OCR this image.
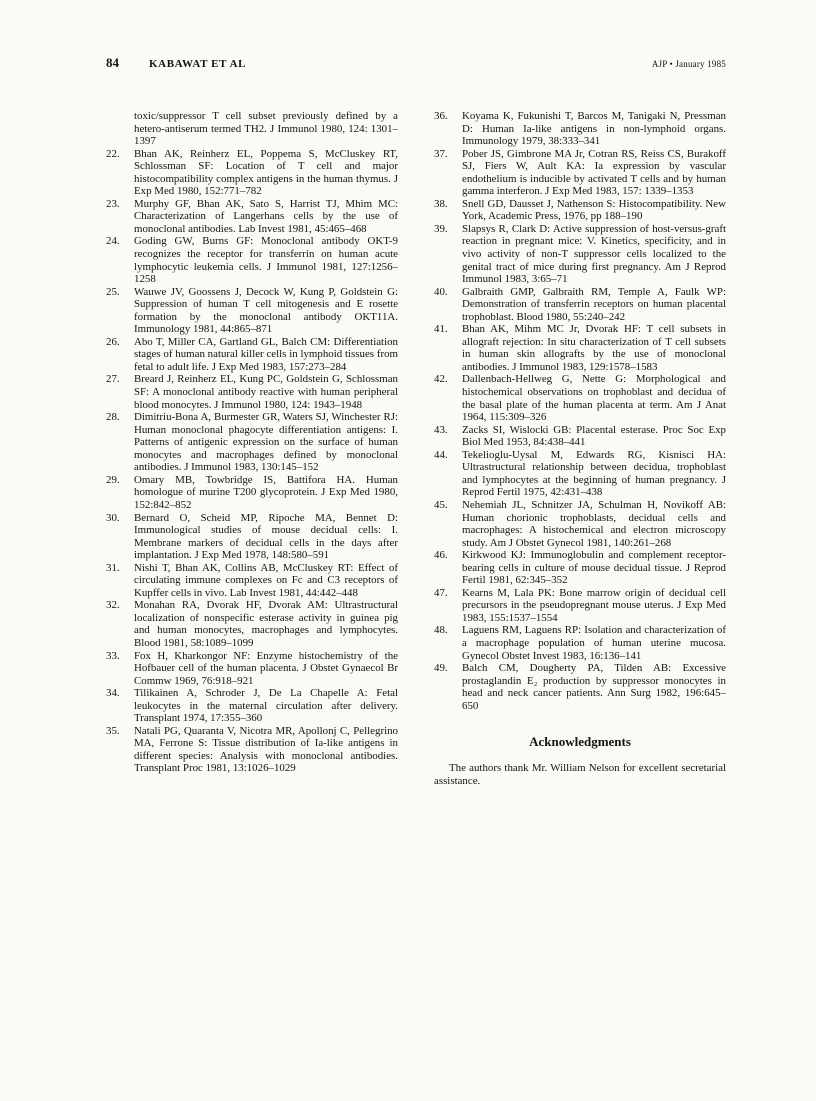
84	KABAWAT ET AL	AJP • January 1985

toxic/suppressor T cell subset previously defined by a hetero-antiserum termed TH2. J Immunol 1980, 124: 1301–1397

22. Bhan AK, Reinherz EL, Poppema S, McCluskey RT, Schlossman SF: Location of T cell and major histocompatibility complex antigens in the human thymus. J Exp Med 1980, 152:771–782
23. Murphy GF, Bhan AK, Sato S, Harrist TJ, Mhim MC: Characterization of Langerhans cells by the use of monoclonal antibodies. Lab Invest 1981, 45:465–468
24. Goding GW, Burns GF: Monoclonal antibody OKT-9 recognizes the receptor for transferrin on human acute lymphocytic leukemia cells. J Immunol 1981, 127:1256–1258
25. Wauwe JV, Goossens J, Decock W, Kung P, Goldstein G: Suppression of human T cell mitogenesis and E rosette formation by the monoclonal antibody OKT11A. Immunology 1981, 44:865–871
26. Abo T, Miller CA, Gartland GL, Balch CM: Differentiation stages of human natural killer cells in lymphoid tissues from fetal to adult life. J Exp Med 1983, 157:273–284
27. Breard J, Reinherz EL, Kung PC, Goldstein G, Schlossman SF: A monoclonal antibody reactive with human peripheral blood monocytes. J Immunol 1980, 124: 1943–1948
28. Dimitriu-Bona A, Burmester GR, Waters SJ, Winchester RJ: Human monoclonal phagocyte differentiation antigens: I. Patterns of antigenic expression on the surface of human monocytes and macrophages defined by monoclonal antibodies. J Immunol 1983, 130:145–152
29. Omary MB, Towbridge IS, Battifora HA. Human homologue of murine T200 glycoprotein. J Exp Med 1980, 152:842–852
30. Bernard O, Scheid MP, Ripoche MA, Bennet D: Immunological studies of mouse decidual cells: I. Membrane markers of decidual cells in the days after implantation. J Exp Med 1978, 148:580–591
31. Nishi T, Bhan AK, Collins AB, McCluskey RT: Effect of circulating immune complexes on Fc and C3 receptors of Kupffer cells in vivo. Lab Invest 1981, 44:442–448
32. Monahan RA, Dvorak HF, Dvorak AM: Ultrastructural localization of nonspecific esterase activity in guinea pig and human monocytes, macrophages and lymphocytes. Blood 1981, 58:1089–1099
33. Fox H, Kharkongor NF: Enzyme histochemistry of the Hofbauer cell of the human placenta. J Obstet Gynaecol Br Commw 1969, 76:918–921
34. Tilikainen A, Schroder J, De La Chapelle A: Fetal leukocytes in the maternal circulation after delivery. Transplant 1974, 17:355–360
35. Natali PG, Quaranta V, Nicotra MR, Apollonj C, Pellegrino MA, Ferrone S: Tissue distribution of Ia-like antigens in different species: Analysis with monoclonal antibodies. Transplant Proc 1981, 13:1026–1029
36. Koyama K, Fukunishi T, Barcos M, Tanigaki N, Pressman D: Human Ia-like antigens in non-lymphoid organs. Immunology 1979, 38:333–341
37. Pober JS, Gimbrone MA Jr, Cotran RS, Reiss CS, Burakoff SJ, Fiers W, Ault KA: Ia expression by vascular endothelium is inducible by activated T cells and by human gamma interferon. J Exp Med 1983, 157: 1339–1353
38. Snell GD, Dausset J, Nathenson S: Histocompatibility. New York, Academic Press, 1976, pp 188–190
39. Slapsys R, Clark D: Active suppression of host-versus-graft reaction in pregnant mice: V. Kinetics, specificity, and in vivo activity of non-T suppressor cells localized to the genital tract of mice during first pregnancy. Am J Reprod Immunol 1983, 3:65–71
40. Galbraith GMP, Galbraith RM, Temple A, Faulk WP: Demonstration of transferrin receptors on human placental trophoblast. Blood 1980, 55:240–242
41. Bhan AK, Mihm MC Jr, Dvorak HF: T cell subsets in allograft rejection: In situ characterization of T cell subsets in human skin allografts by the use of monoclonal antibodies. J Immunol 1983, 129:1578–1583
42. Dallenbach-Hellweg G, Nette G: Morphological and histochemical observations on trophoblast and decidua of the basal plate of the human placenta at term. Am J Anat 1964, 115:309–326
43. Zacks SI, Wislocki GB: Placental esterase. Proc Soc Exp Biol Med 1953, 84:438–441
44. Tekelioglu-Uysal M, Edwards RG, Kisnisci HA: Ultrastructural relationship between decidua, trophoblast and lymphocytes at the beginning of human pregnancy. J Reprod Fertil 1975, 42:431–438
45. Nehemiah JL, Schnitzer JA, Schulman H, Novikoff AB: Human chorionic trophoblasts, decidual cells and macrophages: A histochemical and electron microscopy study. Am J Obstet Gynecol 1981, 140:261–268
46. Kirkwood KJ: Immunoglobulin and complement receptor-bearing cells in culture of mouse decidual tissue. J Reprod Fertil 1981, 62:345–352
47. Kearns M, Lala PK: Bone marrow origin of decidual cell precursors in the pseudopregnant mouse uterus. J Exp Med 1983, 155:1537–1554
48. Laguens RM, Laguens RP: Isolation and characterization of a macrophage population of human uterine mucosa. Gynecol Obstet Invest 1983, 16:136–141
49. Balch CM, Dougherty PA, Tilden AB: Excessive prostaglandin E₂ production by suppressor monocytes in head and neck cancer patients. Ann Surg 1982, 196:645–650
Acknowledgments

The authors thank Mr. William Nelson for excellent secretarial assistance.
